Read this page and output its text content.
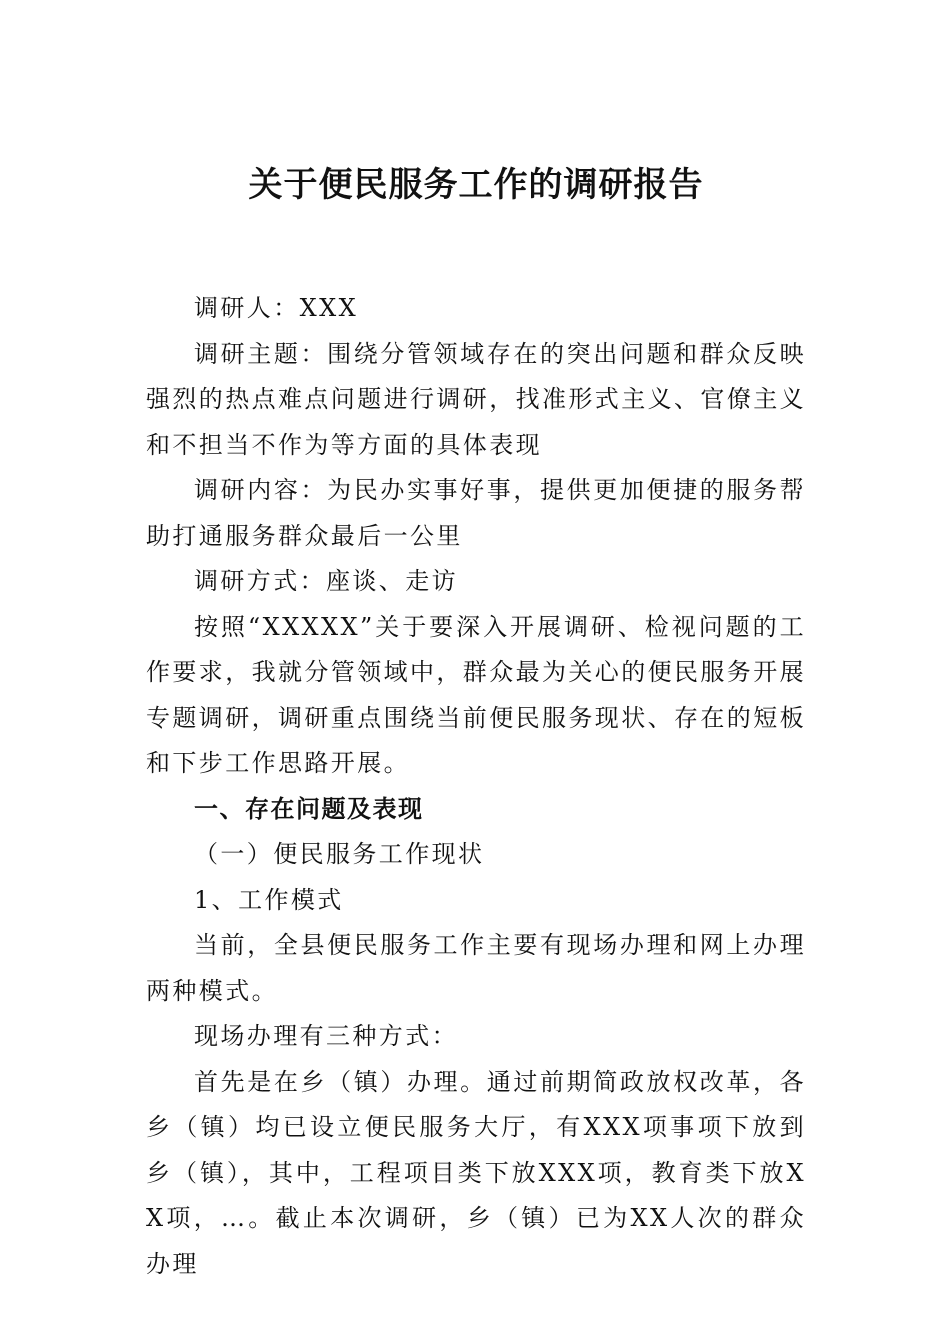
关于便民服务工作的调研报告

调研人：XXX

调研主题：围绕分管领域存在的突出问题和群众反映强烈的热点难点问题进行调研，找准形式主义、官僚主义和不担当不作为等方面的具体表现

调研内容：为民办实事好事，提供更加便捷的服务帮助打通服务群众最后一公里

调研方式：座谈、走访

按照“XXXXX”关于要深入开展调研、检视问题的工作要求，我就分管领域中，群众最为关心的便民服务开展专题调研，调研重点围绕当前便民服务现状、存在的短板和下步工作思路开展。

一、存在问题及表现

（一）便民服务工作现状

1、工作模式

当前，全县便民服务工作主要有现场办理和网上办理两种模式。

现场办理有三种方式：

首先是在乡（镇）办理。通过前期简政放权改革，各乡（镇）均已设立便民服务大厅，有XXX项事项下放到乡（镇），其中，工程项目类下放XXX项，教育类下放XX项，…。截止本次调研，乡（镇）已为XX人次的群众办理
